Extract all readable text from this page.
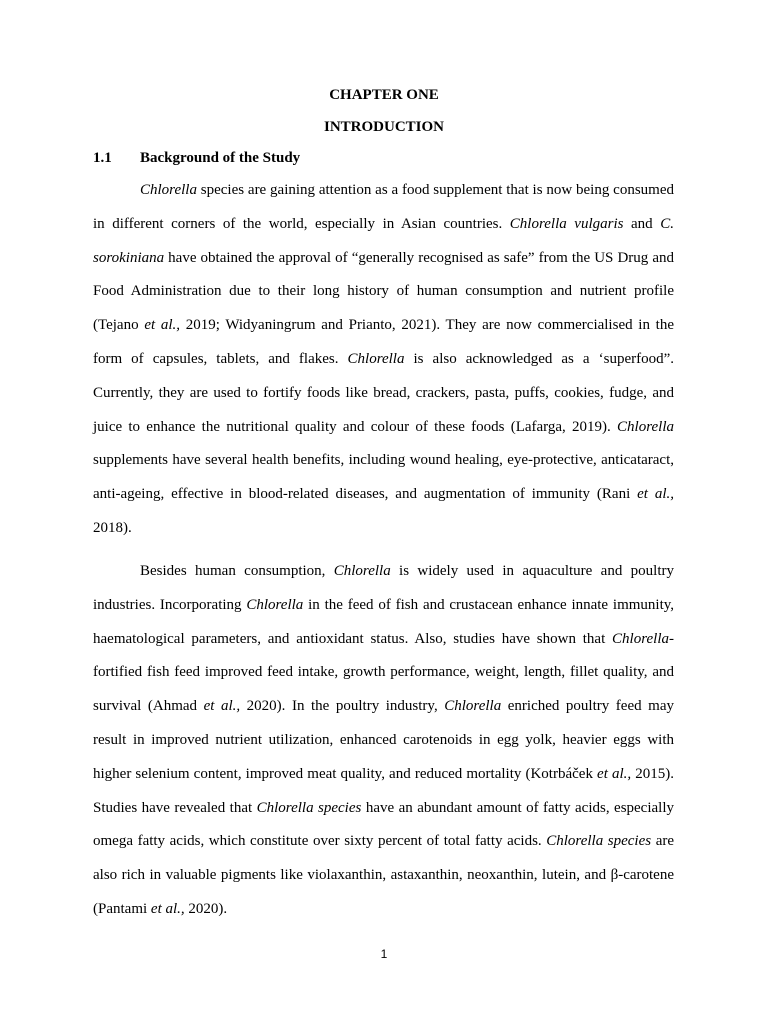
CHAPTER ONE
INTRODUCTION
1.1	Background of the Study

Chlorella species are gaining attention as a food supplement that is now being consumed in different corners of the world, especially in Asian countries. Chlorella vulgaris and C. sorokiniana have obtained the approval of “generally recognised as safe” from the US Drug and Food Administration due to their long history of human consumption and nutrient profile (Tejano et al., 2019; Widyaningrum and Prianto, 2021). They are now commercialised in the form of capsules, tablets, and flakes. Chlorella is also acknowledged as a ‘superfood”. Currently, they are used to fortify foods like bread, crackers, pasta, puffs, cookies, fudge, and juice to enhance the nutritional quality and colour of these foods (Lafarga, 2019). Chlorella supplements have several health benefits, including wound healing, eye-protective, anticataract, anti-ageing, effective in blood-related diseases, and augmentation of immunity (Rani et al., 2018).

Besides human consumption, Chlorella is widely used in aquaculture and poultry industries. Incorporating Chlorella in the feed of fish and crustacean enhance innate immunity, haematological parameters, and antioxidant status. Also, studies have shown that Chlorella-fortified fish feed improved feed intake, growth performance, weight, length, fillet quality, and survival (Ahmad et al., 2020). In the poultry industry, Chlorella enriched poultry feed may result in improved nutrient utilization, enhanced carotenoids in egg yolk, heavier eggs with higher selenium content, improved meat quality, and reduced mortality (Kotrbáček et al., 2015). Studies have revealed that Chlorella species have an abundant amount of fatty acids, especially omega fatty acids, which constitute over sixty percent of total fatty acids. Chlorella species are also rich in valuable pigments like violaxanthin, astaxanthin, neoxanthin, lutein, and β-carotene (Pantami et al., 2020).

1
